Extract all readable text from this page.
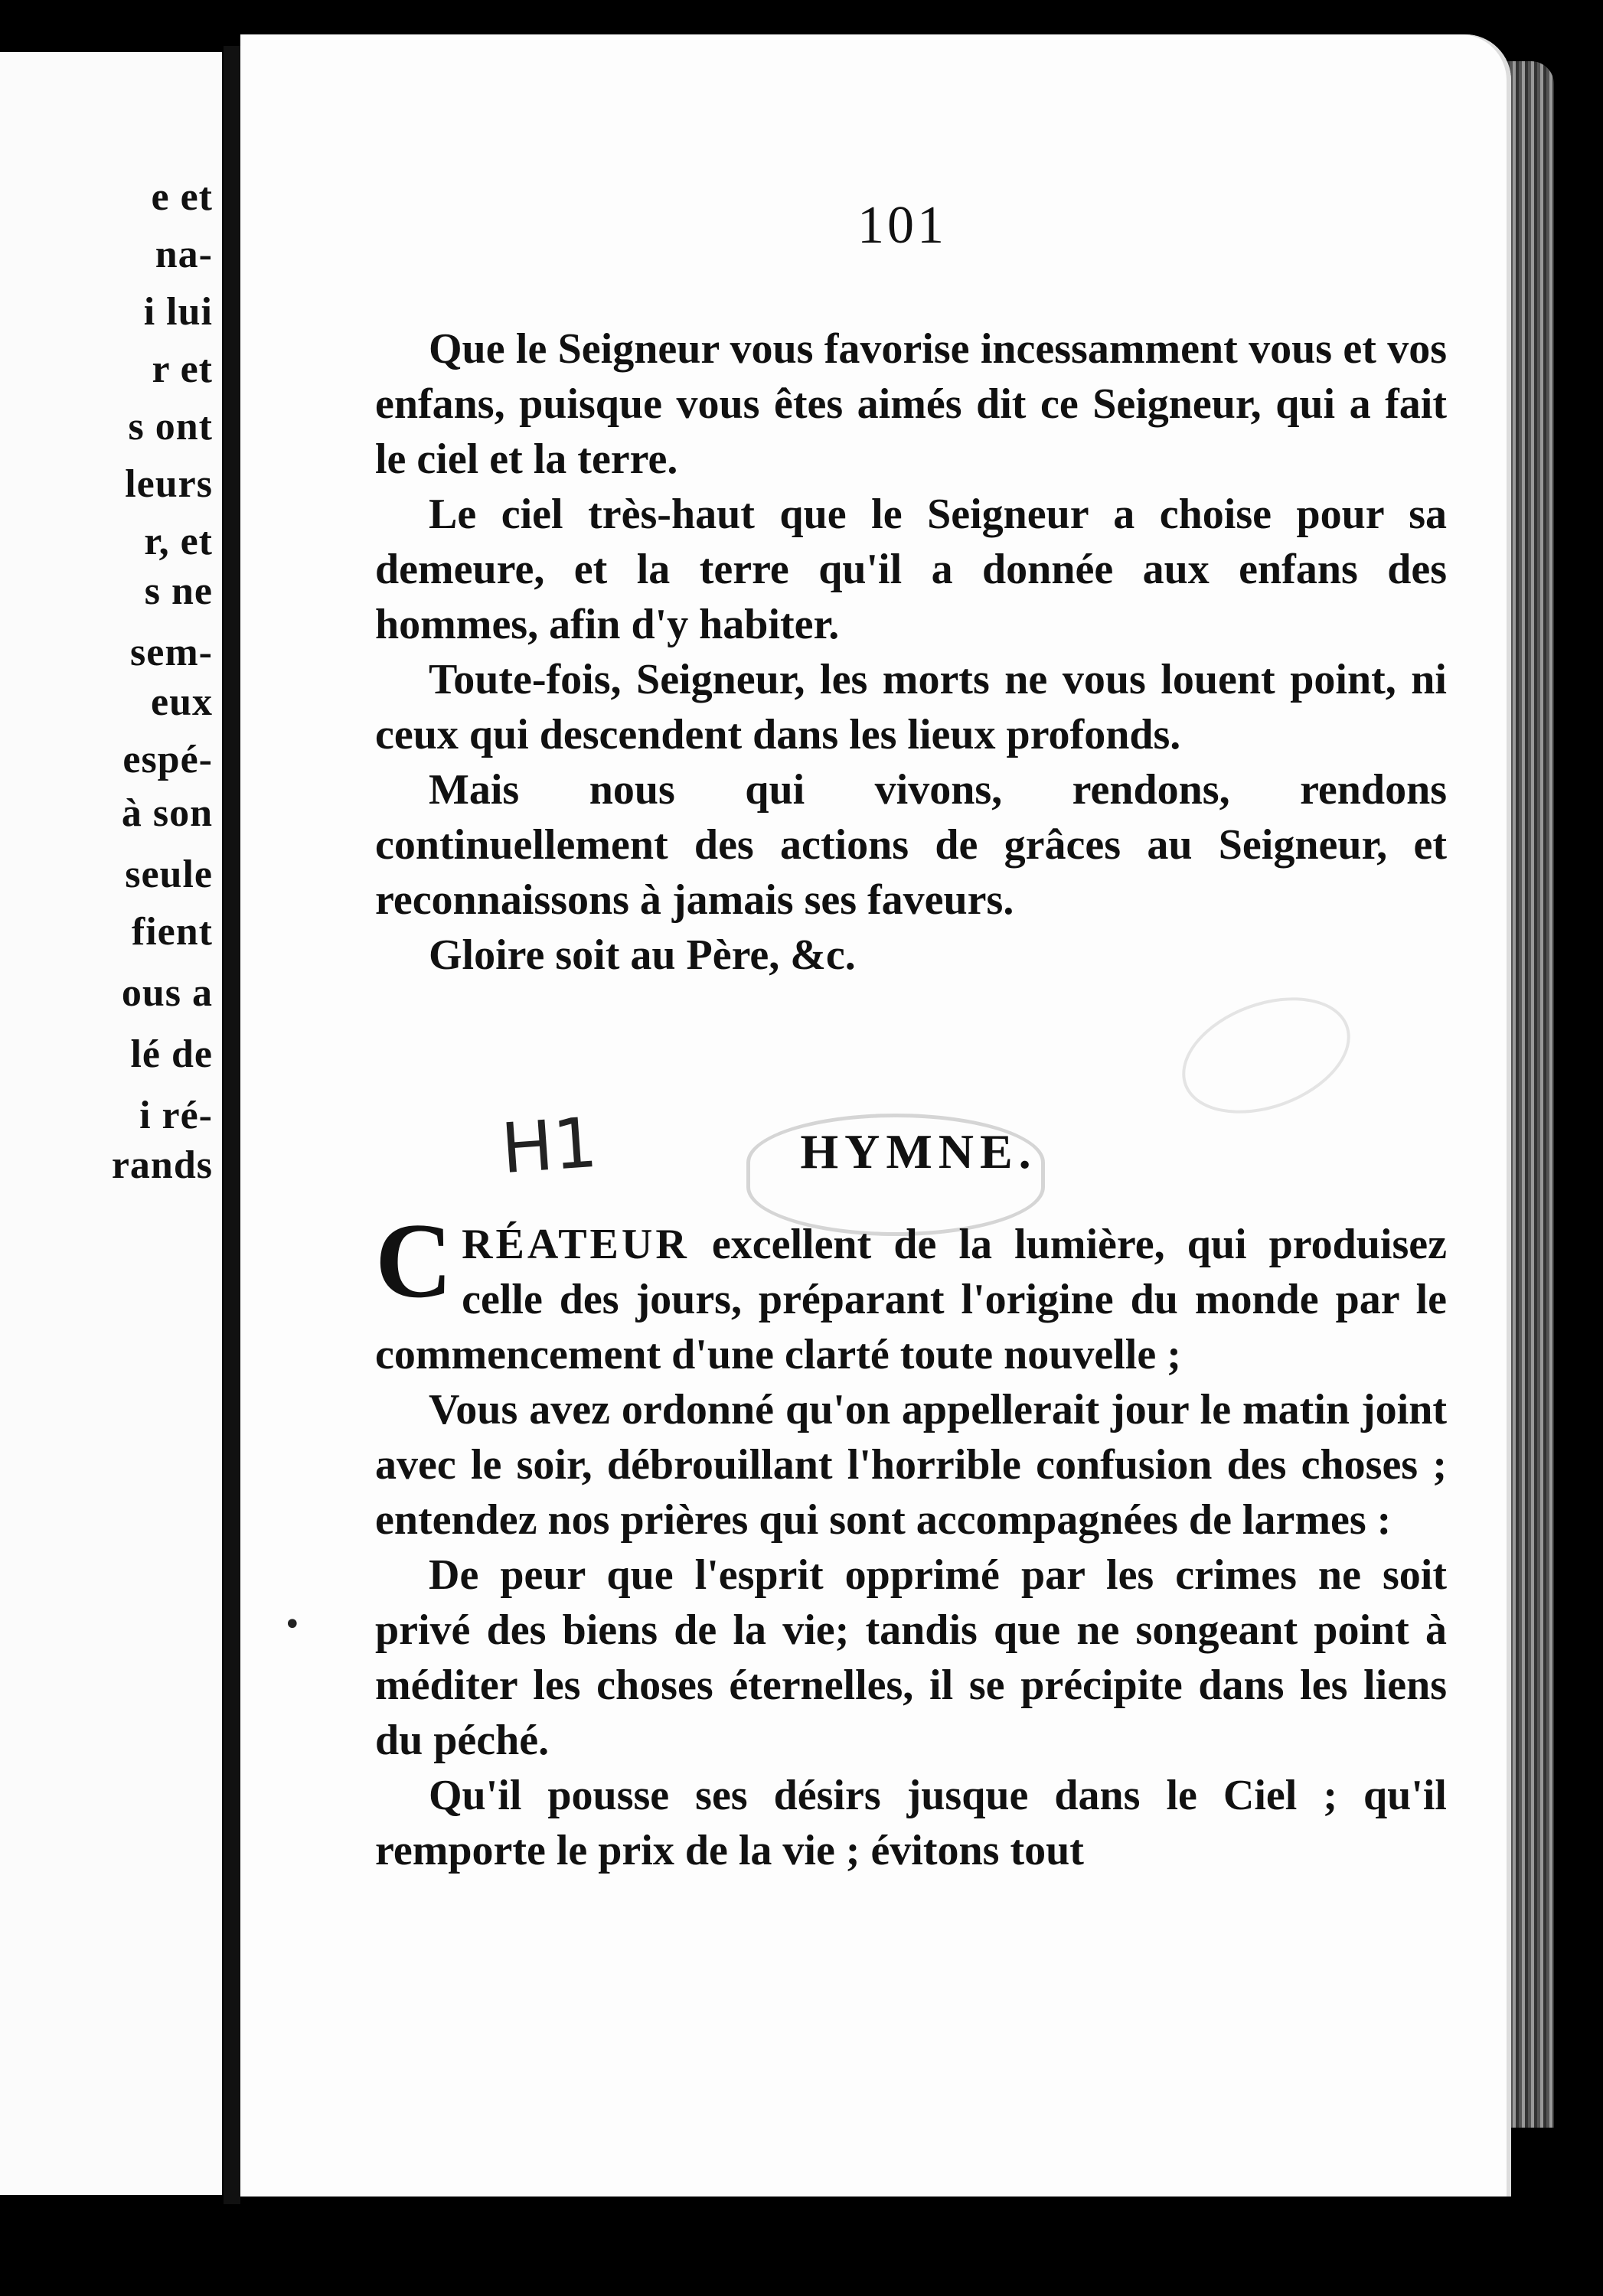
e et
na-
i lui
r et
s ont
leurs
r, et
s ne
sem-
eux
espé-
à son
seule
fient
ous a
lé de
i ré-
rands
101

Que le Seigneur vous favorise incessamment vous et vos enfans, puisque vous êtes aimés dit ce Seigneur, qui a fait le ciel et la terre.

Le ciel très-haut que le Seigneur a choise pour sa demeure, et la terre qu'il a donnée aux enfans des hommes, afin d'y habiter.

Toute-fois, Seigneur, les morts ne vous louent point, ni ceux qui descendent dans les lieux profonds.

Mais nous qui vivons, rendons, rendons continuellement des actions de grâces au Seigneur, et reconnaissons à jamais ses faveurs.

Gloire soit au Père, &c.

H1	HYMNE.

CRÉATEUR excellent de la lumière, qui produisez celle des jours, préparant l'origine du monde par le commencement d'une clarté toute nouvelle ;

Vous avez ordonné qu'on appellerait jour le matin joint avec le soir, débrouillant l'horrible confusion des choses ; entendez nos prières qui sont accompagnées de larmes :

De peur que l'esprit opprimé par les crimes ne soit privé des biens de la vie; tandis que ne songeant point à méditer les choses éternelles, il se précipite dans les liens du péché.

Qu'il pousse ses désirs jusque dans le Ciel ; qu'il remporte le prix de la vie ; évitons tout

•
